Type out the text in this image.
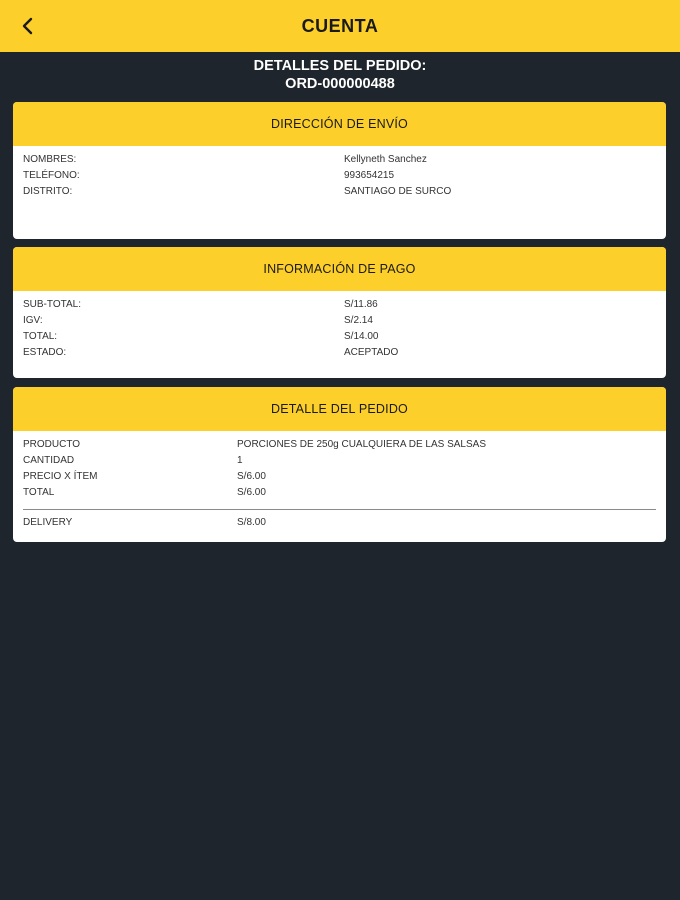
CUENTA
DETALLES DEL PEDIDO:
ORD-000000488
DIRECCIÓN DE ENVÍO
NOMBRES:	Kellyneth Sanchez
TELÉFONO:	993654215
DISTRITO:	SANTIAGO DE SURCO
INFORMACIÓN DE PAGO
SUB-TOTAL:	S/11.86
IGV:	S/2.14
TOTAL:	S/14.00
ESTADO:	ACEPTADO
DETALLE DEL PEDIDO
PRODUCTO	PORCIONES DE 250g CUALQUIERA DE LAS SALSAS
CANTIDAD	1
PRECIO X ÍTEM	S/6.00
TOTAL	S/6.00
DELIVERY	S/8.00
